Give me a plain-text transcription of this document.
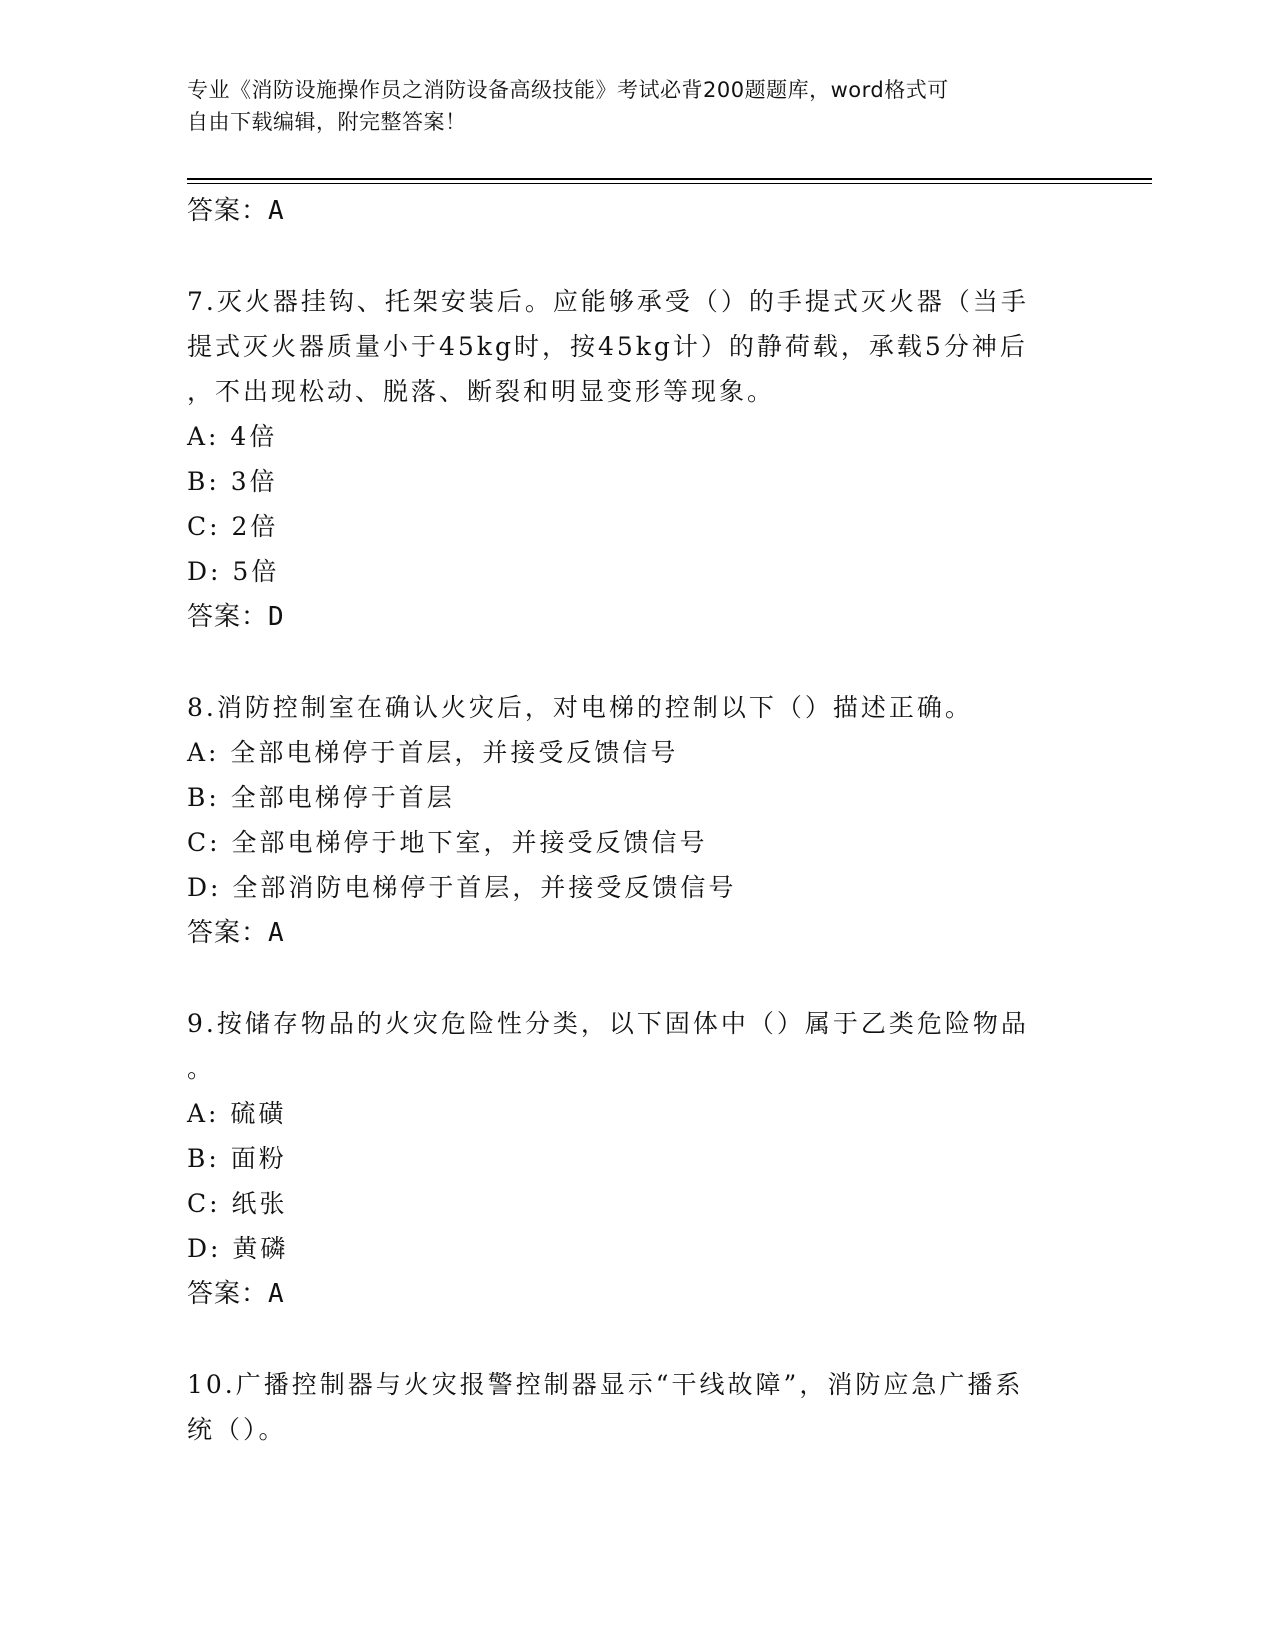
专业《消防设施操作员之消防设备高级技能》考试必背200题题库，word格式可
自由下载编辑，附完整答案！
答案：A
7.灭火器挂钩、托架安装后。应能够承受（）的手提式灭火器（当手
提式灭火器质量小于45kg时，按45kg计）的静荷载，承载5分神后
，不出现松动、脱落、断裂和明显变形等现象。
A: 4倍
B: 3倍
C: 2倍
D: 5倍
答案：D
8.消防控制室在确认火灾后，对电梯的控制以下（）描述正确。
A: 全部电梯停于首层，并接受反馈信号
B: 全部电梯停于首层
C: 全部电梯停于地下室，并接受反馈信号
D: 全部消防电梯停于首层，并接受反馈信号
答案：A
9.按储存物品的火灾危险性分类，以下固体中（）属于乙类危险物品
。
A: 硫磺
B: 面粉
C: 纸张
D: 黄磷
答案：A
10.广播控制器与火灾报警控制器显示“干线故障”，消防应急广播系
统（）。
